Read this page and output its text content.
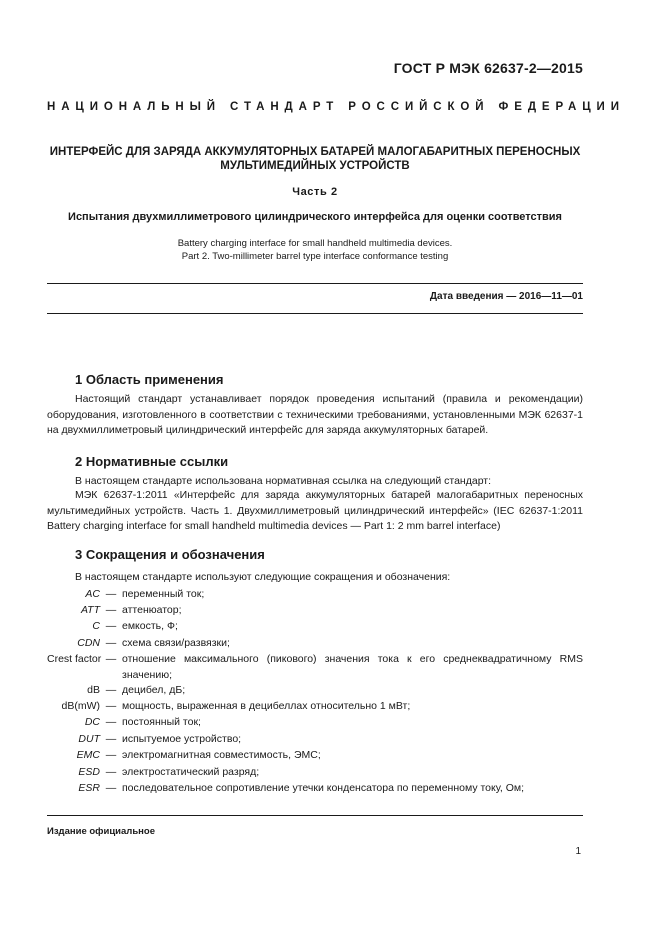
ГОСТ Р МЭК 62637-2—2015
НАЦИОНАЛЬНЫЙ СТАНДАРТ РОССИЙСКОЙ ФЕДЕРАЦИИ
ИНТЕРФЕЙС ДЛЯ ЗАРЯДА АККУМУЛЯТОРНЫХ БАТАРЕЙ МАЛОГАБАРИТНЫХ ПЕРЕНОСНЫХ МУЛЬТИМЕДИЙНЫХ УСТРОЙСТВ
Часть 2
Испытания двухмиллиметрового цилиндрического интерфейса для оценки соответствия
Battery charging interface for small handheld multimedia devices.
Part 2. Two-millimeter barrel type interface conformance testing
Дата введения — 2016—11—01
1 Область применения
Настоящий стандарт устанавливает порядок проведения испытаний (правила и рекомендации) оборудования, изготовленного в соответствии с техническими требованиями, установленными МЭК 62637-1 на двухмиллиметровый цилиндрический интерфейс для заряда аккумуляторных батарей.
2 Нормативные ссылки
В настоящем стандарте использована нормативная ссылка на следующий стандарт:
МЭК 62637-1:2011 «Интерфейс для заряда аккумуляторных батарей малогабаритных переносных мультимедийных устройств. Часть 1. Двухмиллиметровый цилиндрический интерфейс» (IEC 62637-1:2011 Battery charging interface for small handheld multimedia devices — Part 1: 2 mm barrel interface)
3 Сокращения и обозначения
В настоящем стандарте используют следующие сокращения и обозначения:
AC — переменный ток;
ATT — аттенюатор;
C — емкость, Ф;
CDN — схема связи/развязки;
Crest factor — отношение максимального (пикового) значения тока к его среднеквадратичному RMS значению;
dB — децибел, дБ;
dB(mW) — мощность, выраженная в децибеллах относительно 1 мВт;
DC — постоянный ток;
DUT — испытуемое устройство;
EMC — электромагнитная совместимость, ЭМС;
ESD — электростатический разряд;
ESR — последовательное сопротивление утечки конденсатора по переменному току, Ом;
Издание официальное
1
